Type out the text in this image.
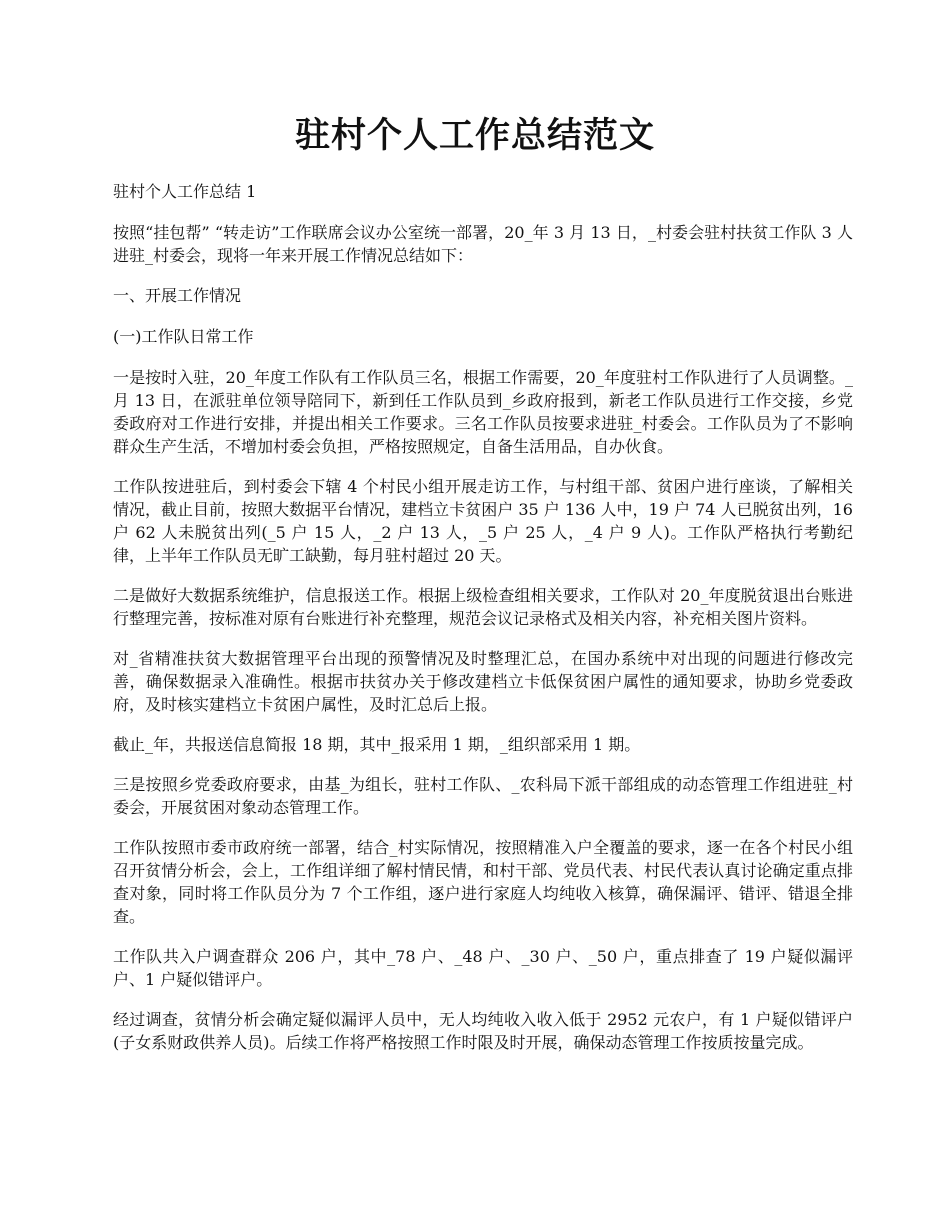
驻村个人工作总结范文

驻村个人工作总结 1

按照“挂包帮” “转走访”工作联席会议办公室统一部署，20_年 3 月 13 日，_村委会驻村扶贫工作队 3 人进驻_村委会，现将一年来开展工作情况总结如下：

一、开展工作情况

(一)工作队日常工作

一是按时入驻，20_年度工作队有工作队员三名，根据工作需要，20_年度驻村工作队进行了人员调整。_月 13 日，在派驻单位领导陪同下，新到任工作队员到_乡政府报到，新老工作队员进行工作交接，乡党委政府对工作进行安排，并提出相关工作要求。三名工作队员按要求进驻_村委会。工作队员为了不影响群众生产生活，不增加村委会负担，严格按照规定，自备生活用品，自办伙食。

工作队按进驻后，到村委会下辖 4 个村民小组开展走访工作，与村组干部、贫困户进行座谈，了解相关情况，截止目前，按照大数据平台情况，建档立卡贫困户 35 户 136 人中，19 户 74 人已脱贫出列，16 户 62 人未脱贫出列(_5 户 15 人，_2 户 13 人，_5 户 25 人，_4 户 9 人)。工作队严格执行考勤纪律，上半年工作队员无旷工缺勤，每月驻村超过 20 天。

二是做好大数据系统维护，信息报送工作。根据上级检查组相关要求，工作队对 20_年度脱贫退出台账进行整理完善，按标准对原有台账进行补充整理，规范会议记录格式及相关内容，补充相关图片资料。

对_省精准扶贫大数据管理平台出现的预警情况及时整理汇总，在国办系统中对出现的问题进行修改完善，确保数据录入准确性。根据市扶贫办关于修改建档立卡低保贫困户属性的通知要求，协助乡党委政府，及时核实建档立卡贫困户属性，及时汇总后上报。

截止_年，共报送信息简报 18 期，其中_报采用 1 期，_组织部采用 1 期。

三是按照乡党委政府要求，由基_为组长，驻村工作队、_农科局下派干部组成的动态管理工作组进驻_村委会，开展贫困对象动态管理工作。

工作队按照市委市政府统一部署，结合_村实际情况，按照精准入户全覆盖的要求，逐一在各个村民小组召开贫情分析会，会上，工作组详细了解村情民情，和村干部、党员代表、村民代表认真讨论确定重点排查对象，同时将工作队员分为 7 个工作组，逐户进行家庭人均纯收入核算，确保漏评、错评、错退全排查。

工作队共入户调查群众 206 户，其中_78 户、_48 户、_30 户、_50 户，重点排查了 19 户疑似漏评户、1 户疑似错评户。

经过调查，贫情分析会确定疑似漏评人员中，无人均纯收入收入低于 2952 元农户，有 1 户疑似错评户(子女系财政供养人员)。后续工作将严格按照工作时限及时开展，确保动态管理工作按质按量完成。
